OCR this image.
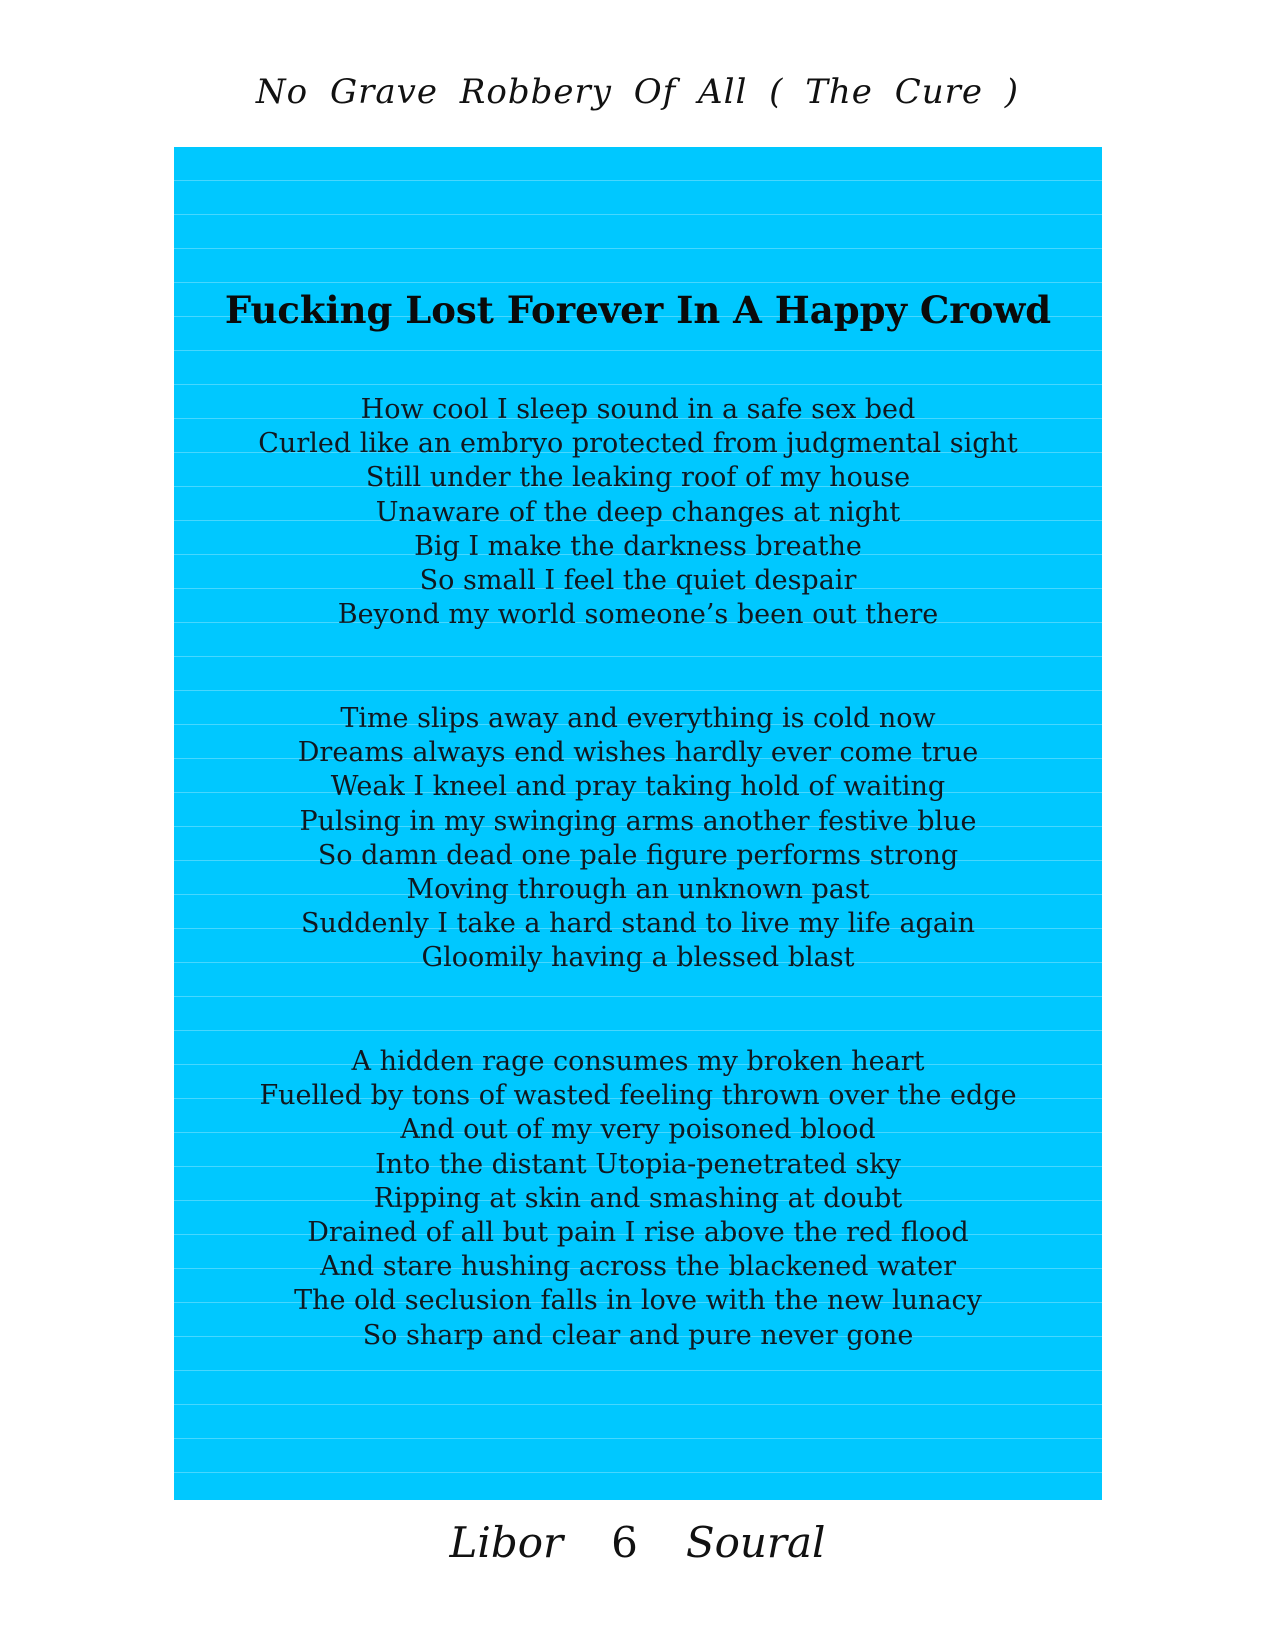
No Grave Robbery Of All ( The Cure )
Fucking Lost Forever In A Happy Crowd
How cool I sleep sound in a safe sex bed
Curled like an embryo protected from judgmental sight
Still under the leaking roof of my house
Unaware of the deep changes at night
Big I make the darkness breathe
So small I feel the quiet despair
Beyond my world someone’s been out there
Time slips away and everything is cold now
Dreams always end wishes hardly ever come true
Weak I kneel and pray taking hold of waiting
Pulsing in my swinging arms another festive blue
So damn dead one pale figure performs strong
Moving through an unknown past
Suddenly I take a hard stand to live my life again
Gloomily having a blessed blast
A hidden rage consumes my broken heart
Fuelled by tons of wasted feeling thrown over the edge
And out of my very poisoned blood
Into the distant Utopia-penetrated sky
Ripping at skin and smashing at doubt
Drained of all but pain I rise above the red flood
And stare hushing across the blackened water
The old seclusion falls in love with the new lunacy
So sharp and clear and pure never gone
Libor 6 Soural
